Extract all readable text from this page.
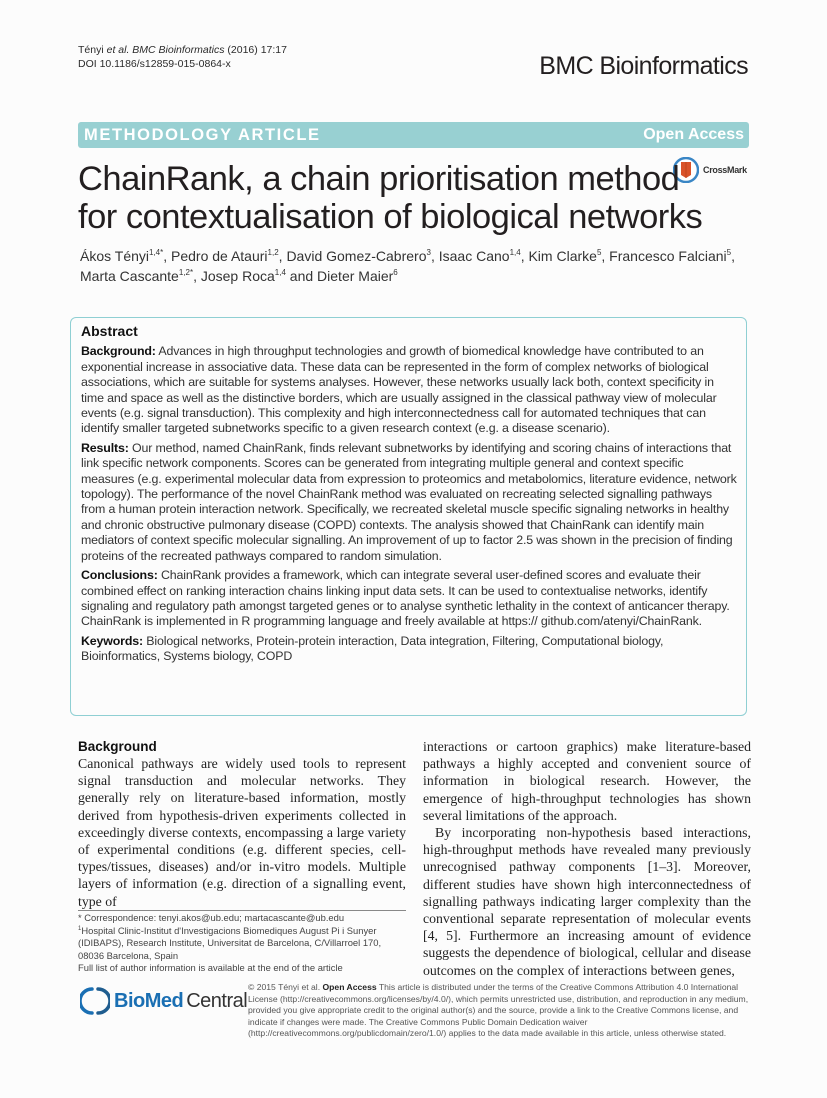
Tényi et al. BMC Bioinformatics (2016) 17:17
DOI 10.1186/s12859-015-0864-x	BMC Bioinformatics
METHODOLOGY ARTICLE	Open Access
CrossMark
ChainRank, a chain prioritisation method
for contextualisation of biological networks
Ákos Tényi$^{1,4*}$, Pedro de Atauri$^{1,2}$, David Gomez-Cabrero$^3$, Isaac Cano$^{1,4}$, Kim Clarke$^5$, Francesco Falciani$^5$,
Marta Cascante$^{1,2*}$, Josep Roca$^{1,4}$ and Dieter Maier$^6$
Abstract

Background: Advances in high throughput technologies and growth of biomedical knowledge have contributed to an exponential increase in associative data. These data can be represented in the form of complex networks of biological associations, which are suitable for systems analyses. However, these networks usually lack both, context specificity in time and space as well as the distinctive borders, which are usually assigned in the classical pathway view of molecular events (e.g. signal transduction). This complexity and high interconnectedness call for automated techniques that can identify smaller targeted subnetworks specific to a given research context (e.g. a disease scenario).

Results: Our method, named ChainRank, finds relevant subnetworks by identifying and scoring chains of interactions that link specific network components. Scores can be generated from integrating multiple general and context specific measures (e.g. experimental molecular data from expression to proteomics and metabolomics, literature evidence, network topology). The performance of the novel ChainRank method was evaluated on recreating selected signalling pathways from a human protein interaction network. Specifically, we recreated skeletal muscle specific signaling networks in healthy and chronic obstructive pulmonary disease (COPD) contexts. The analysis showed that ChainRank can identify main mediators of context specific molecular signalling. An improvement of up to factor 2.5 was shown in the precision of finding proteins of the recreated pathways compared to random simulation.

Conclusions: ChainRank provides a framework, which can integrate several user-defined scores and evaluate their combined effect on ranking interaction chains linking input data sets. It can be used to contextualise networks, identify signaling and regulatory path amongst targeted genes or to analyse synthetic lethality in the context of anticancer therapy. ChainRank is implemented in R programming language and freely available at https:// github.com/atenyi/ChainRank.

Keywords: Biological networks, Protein-protein interaction, Data integration, Filtering, Computational biology, Bioinformatics, Systems biology, COPD

Background

Canonical pathways are widely used tools to represent signal transduction and molecular networks. They generally rely on literature-based information, mostly derived from hypothesis-driven experiments collected in exceedingly diverse contexts, encompassing a large variety of experimental conditions (e.g. different species, cell-types/tissues, diseases) and/or in-vitro models. Multiple layers of information (e.g. direction of a signalling event, type of

interactions or cartoon graphics) make literature-based pathways a highly accepted and convenient source of information in biological research. However, the emergence of high-throughput technologies has shown several limitations of the approach.

By incorporating non-hypothesis based interactions, high-throughput methods have revealed many previously unrecognised pathway components [1–3]. Moreover, different studies have shown high interconnectedness of signalling pathways indicating larger complexity than the conventional separate representation of molecular events [4, 5]. Furthermore an increasing amount of evidence suggests the dependence of biological, cellular and disease outcomes on the complex of interactions between genes,

* Correspondence: tenyi.akos@ub.edu; martacascante@ub.edu
$^1$Hospital Clinic-Institut d'Investigacions Biomediques August Pi i Sunyer (IDIBAPS), Research Institute, Universitat de Barcelona, C/Villarroel 170, 08036 Barcelona, Spain
Full list of author information is available at the end of the article
BioMed Central
© 2015 Tényi et al. Open Access This article is distributed under the terms of the Creative Commons Attribution 4.0 International License (http://creativecommons.org/licenses/by/4.0/), which permits unrestricted use, distribution, and reproduction in any medium, provided you give appropriate credit to the original author(s) and the source, provide a link to the Creative Commons license, and indicate if changes were made. The Creative Commons Public Domain Dedication waiver (http://creativecommons.org/publicdomain/zero/1.0/) applies to the data made available in this article, unless otherwise stated.
